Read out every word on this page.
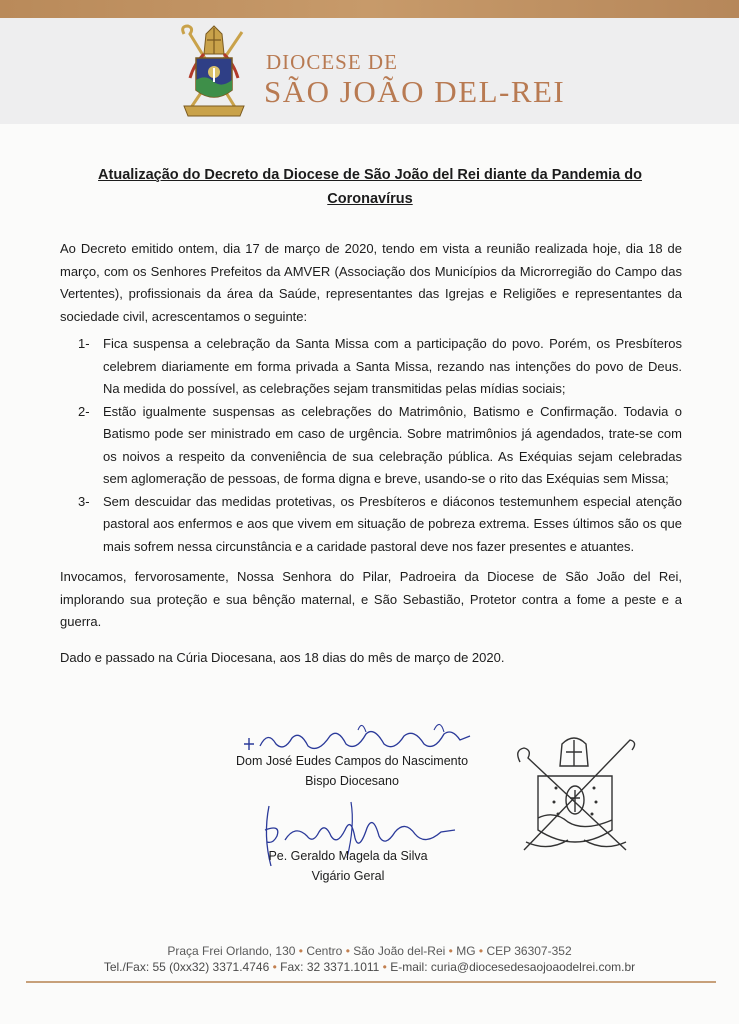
DIOCESE DE
SÃO JOÃO DEL-REI
Atualização do Decreto da Diocese de São João del Rei diante da Pandemia do
Coronavírus

Ao Decreto emitido ontem, dia 17 de março de 2020, tendo em vista a reunião realizada hoje, dia 18 de março, com os Senhores Prefeitos da AMVER (Associação dos Municípios da Microrregião do Campo das Vertentes), profissionais da área da Saúde, representantes das Igrejas e Religiões e representantes da sociedade civil, acrescentamos o seguinte:

1-	Fica suspensa a celebração da Santa Missa com a participação do povo. Porém, os Presbíteros celebrem diariamente em forma privada a Santa Missa, rezando nas intenções do povo de Deus. Na medida do possível, as celebrações sejam transmitidas pelas mídias sociais;
2-	Estão igualmente suspensas as celebrações do Matrimônio, Batismo e Confirmação. Todavia o Batismo pode ser ministrado em caso de urgência. Sobre matrimônios já agendados, trate-se com os noivos a respeito da conveniência de sua celebração pública. As Exéquias sejam celebradas sem aglomeração de pessoas, de forma digna e breve, usando-se o rito das Exéquias sem Missa;
3-	Sem descuidar das medidas protetivas, os Presbíteros e diáconos testemunhem especial atenção pastoral aos enfermos e aos que vivem em situação de pobreza extrema. Esses últimos são os que mais sofrem nessa circunstância e a caridade pastoral deve nos fazer presentes e atuantes.

Invocamos, fervorosamente, Nossa Senhora do Pilar, Padroeira da Diocese de São João del Rei, implorando sua proteção e sua bênção maternal, e São Sebastião, Protetor contra a fome a peste e a guerra.

Dado e passado na Cúria Diocesana, aos 18 dias do mês de março de 2020.

Dom José Eudes Campos do Nascimento
Bispo Diocesano
Pe. Geraldo Magela da Silva
Vigário Geral
Praça Frei Orlando, 130 • Centro • São João del-Rei • MG • CEP 36307-352
Tel./Fax: 55 (0xx32) 3371.4746 • Fax: 32 3371.1011 • E-mail: curia@diocesedesaojoaodelrei.com.br
